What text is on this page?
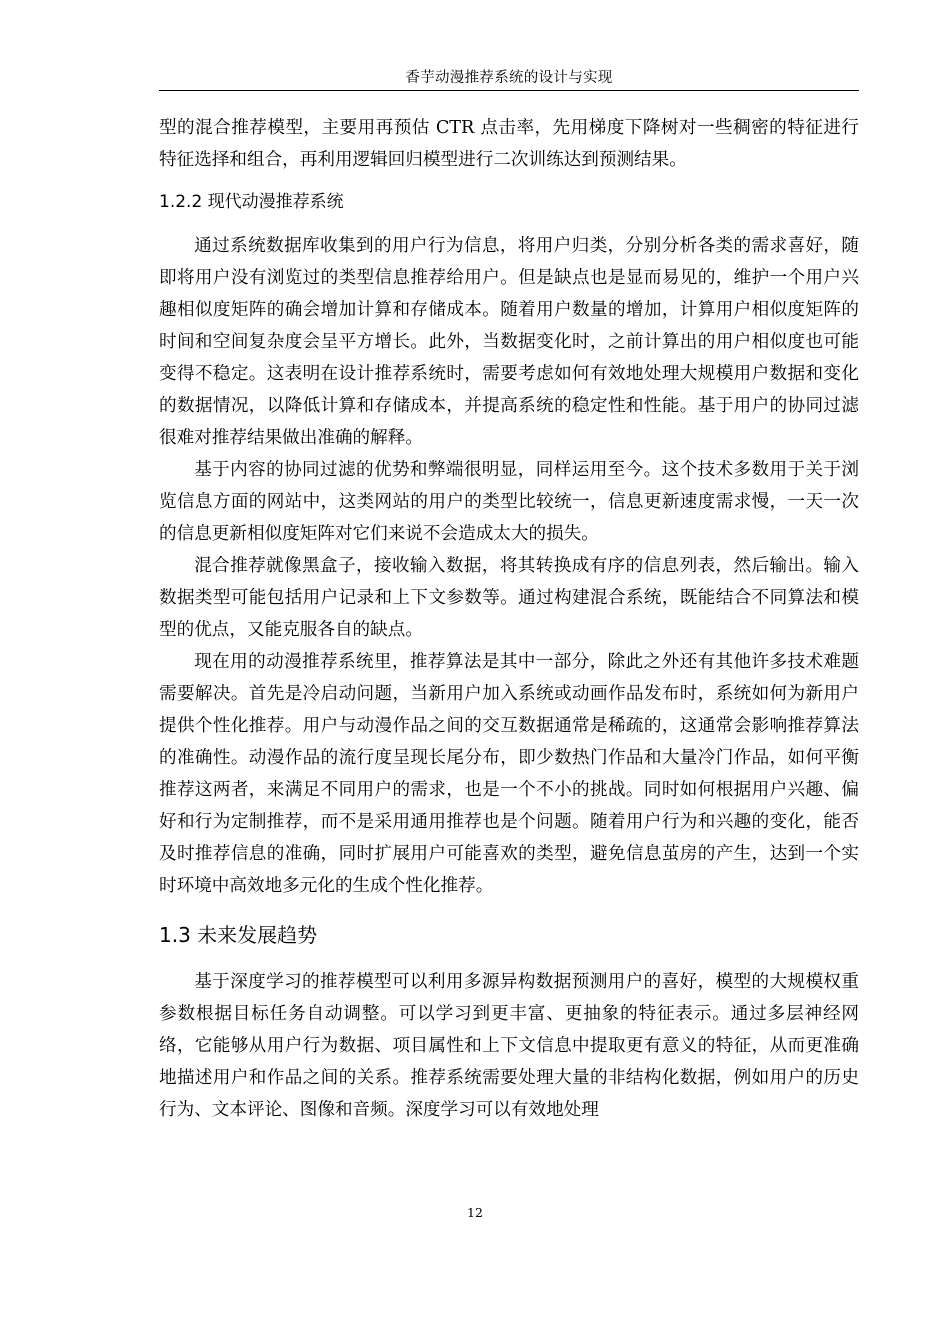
香芋动漫推荐系统的设计与实现

型的混合推荐模型，主要用再预估 CTR 点击率，先用梯度下降树对一些稠密的特征进行特征选择和组合，再利用逻辑回归模型进行二次训练达到预测结果。

1.2.2 现代动漫推荐系统

通过系统数据库收集到的用户行为信息，将用户归类，分别分析各类的需求喜好，随即将用户没有浏览过的类型信息推荐给用户。但是缺点也是显而易见的，维护一个用户兴趣相似度矩阵的确会增加计算和存储成本。随着用户数量的增加，计算用户相似度矩阵的时间和空间复杂度会呈平方增长。此外，当数据变化时，之前计算出的用户相似度也可能变得不稳定。这表明在设计推荐系统时，需要考虑如何有效地处理大规模用户数据和变化的数据情况，以降低计算和存储成本，并提高系统的稳定性和性能。基于用户的协同过滤很难对推荐结果做出准确的解释。

基于内容的协同过滤的优势和弊端很明显，同样运用至今。这个技术多数用于关于浏览信息方面的网站中，这类网站的用户的类型比较统一，信息更新速度需求慢，一天一次的信息更新相似度矩阵对它们来说不会造成太大的损失。

混合推荐就像黑盒子，接收输入数据，将其转换成有序的信息列表，然后输出。输入数据类型可能包括用户记录和上下文参数等。通过构建混合系统，既能结合不同算法和模型的优点，又能克服各自的缺点。

现在用的动漫推荐系统里，推荐算法是其中一部分，除此之外还有其他许多技术难题需要解决。首先是冷启动问题，当新用户加入系统或动画作品发布时，系统如何为新用户提供个性化推荐。用户与动漫作品之间的交互数据通常是稀疏的，这通常会影响推荐算法的准确性。动漫作品的流行度呈现长尾分布，即少数热门作品和大量冷门作品，如何平衡推荐这两者，来满足不同用户的需求，也是一个不小的挑战。同时如何根据用户兴趣、偏好和行为定制推荐，而不是采用通用推荐也是个问题。随着用户行为和兴趣的变化，能否及时推荐信息的准确，同时扩展用户可能喜欢的类型，避免信息茧房的产生，达到一个实时环境中高效地多元化的生成个性化推荐。

1.3 未来发展趋势

基于深度学习的推荐模型可以利用多源异构数据预测用户的喜好，模型的大规模权重参数根据目标任务自动调整。可以学习到更丰富、更抽象的特征表示。通过多层神经网络，它能够从用户行为数据、项目属性和上下文信息中提取更有意义的特征，从而更准确地描述用户和作品之间的关系。推荐系统需要处理大量的非结构化数据，例如用户的历史行为、文本评论、图像和音频。深度学习可以有效地处理

12
